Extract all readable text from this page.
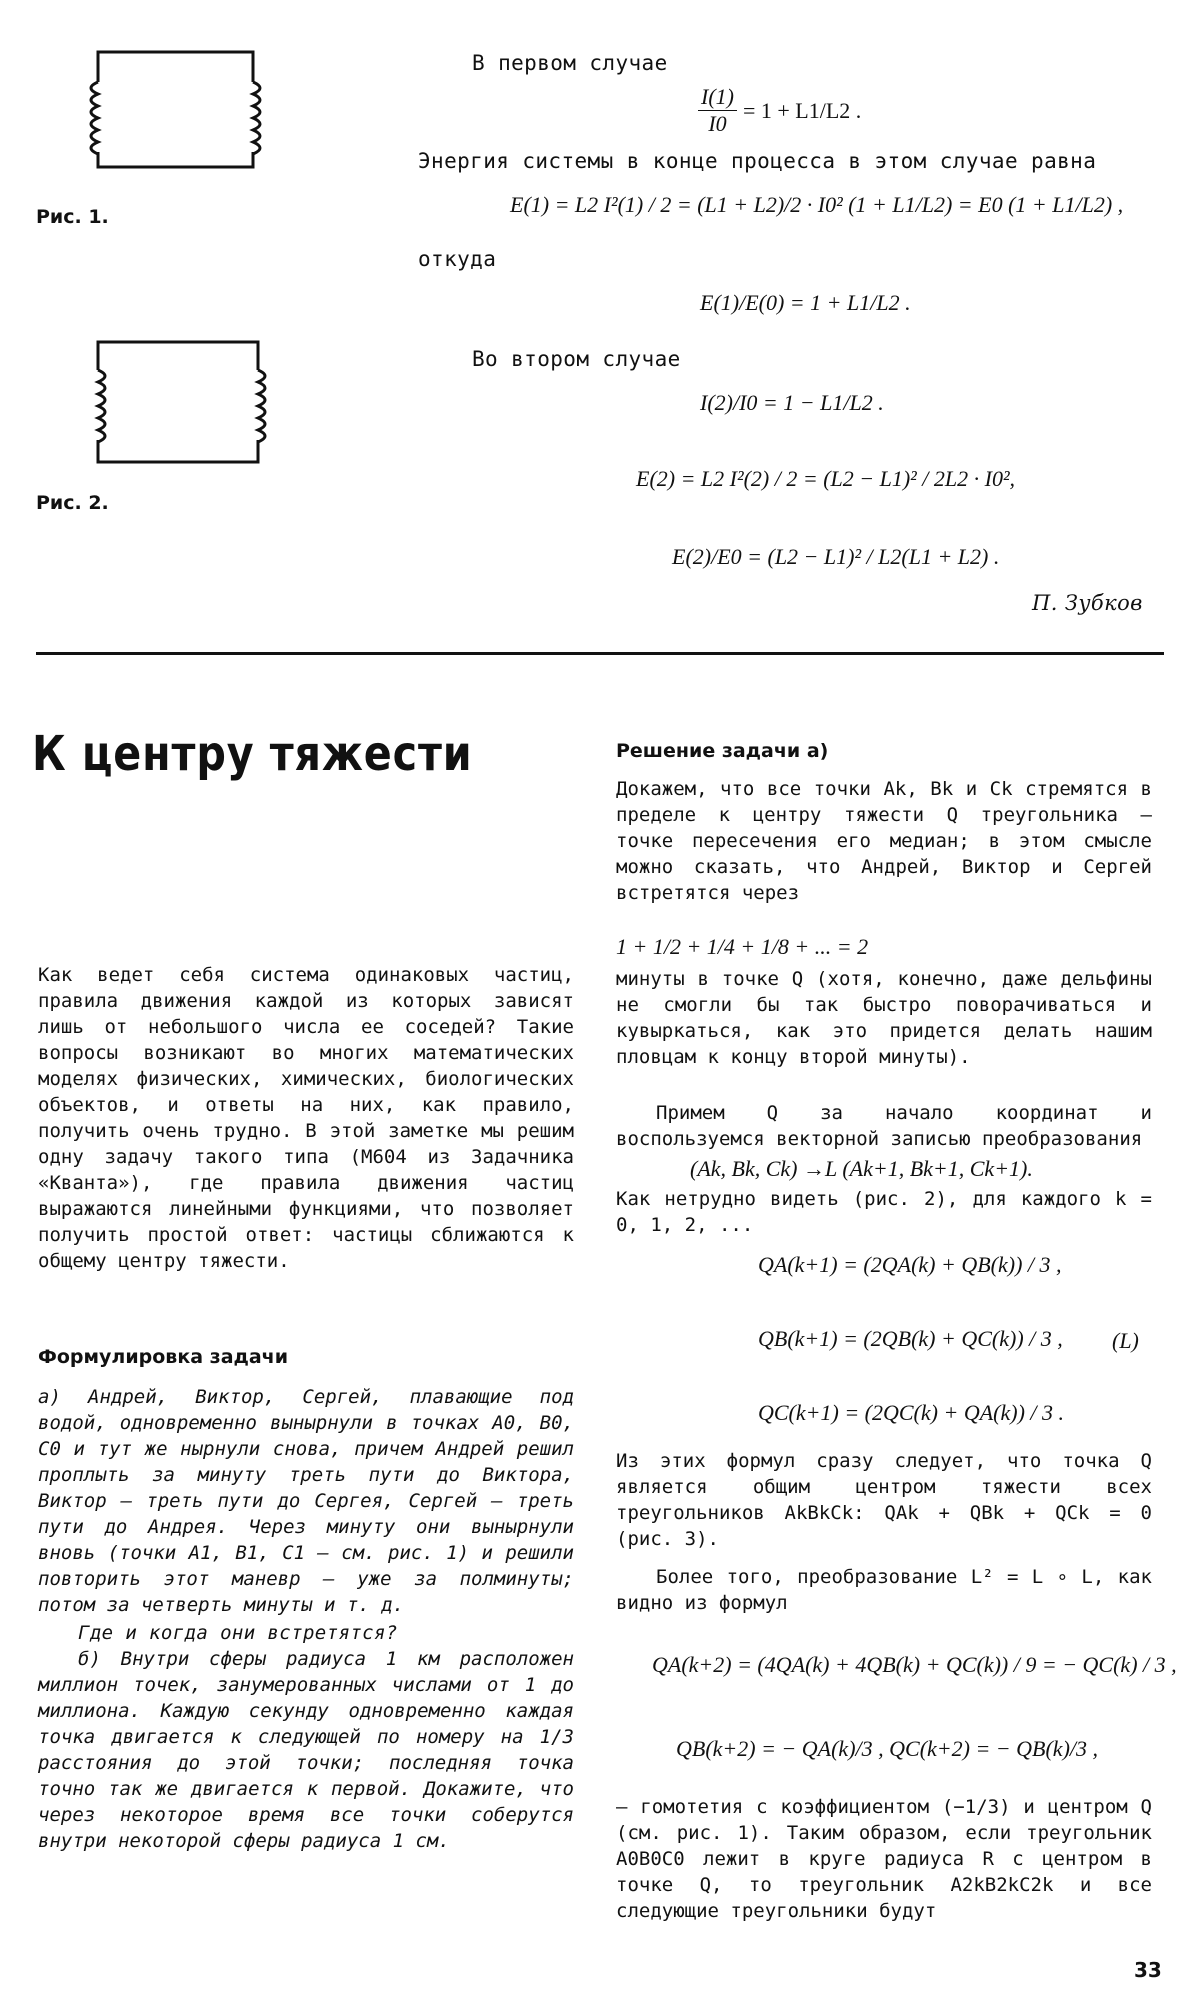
Рис. 1.
Рис. 2.
В первом случае
$\frac{I(1)}{I0} = 1 + L1/L2$ .
Энергия системы в конце процесса в этом случае равна
E(1) = L2 I²(1) / 2 = (L1 + L2)/2 · I0² (1 + L1/L2) = E0 (1 + L1/L2) ,
откуда
E(1)/E(0) = 1 + L1/L2 .
Во втором случае
I(2)/I0 = 1 − L1/L2 .
E(2) = L2 I²(2) / 2 = (L2 − L1)² / 2L2 · I0²,
E(2)/E0 = (L2 − L1)² / L2(L1 + L2) .
П. Зубков
К центру тяжести
Как ведет себя система одинаковых частиц, правила движения каждой из которых зависят лишь от небольшого числа ее соседей? Такие вопросы возникают во многих математических моделях физических, химических, биологических объектов, и ответы на них, как правило, получить очень трудно. В этой заметке мы решим одну задачу такого типа (М604 из Задачника «Кванта»), где правила движения частиц выражаются линейными функциями, что позволяет получить простой ответ: частицы сближаются к общему центру тяжести.
Формулировка задачи
а) Андрей, Виктор, Сергей, плавающие под водой, одновременно вынырнули в точках A0, B0, C0 и тут же нырнули снова, причем Андрей решил проплыть за минуту треть пути до Виктора, Виктор — треть пути до Сергея, Сергей — треть пути до Андрея. Через минуту они вынырнули вновь (точки A1, B1, C1 — см. рис. 1) и решили повторить этот маневр — уже за полминуты; потом за четверть минуты и т. д.
Где и когда они встретятся?
б) Внутри сферы радиуса 1 км расположен миллион точек, занумерованных числами от 1 до миллиона. Каждую секунду одновременно каждая точка двигается к следующей по номеру на 1/3 расстояния до этой точки; последняя точка точно так же двигается к первой. Докажите, что через некоторое время все точки соберутся внутри некоторой сферы радиуса 1 см.
Решение задачи а)
Докажем, что все точки Ak, Bk и Ck стремятся в пределе к центру тяжести Q треугольника — точке пересечения его медиан; в этом смысле можно сказать, что Андрей, Виктор и Сергей встретятся через
1 + 1/2 + 1/4 + 1/8 + ... = 2
минуты в точке Q (хотя, конечно, даже дельфины не смогли бы так быстро поворачиваться и кувыркаться, как это придется делать нашим пловцам к концу второй минуты).
Примем Q за начало координат и воспользуемся векторной записью преобразования
(Ak, Bk, Ck) →L (Ak+1, Bk+1, Ck+1).
Как нетрудно видеть (рис. 2), для каждого k = 0, 1, 2, ...
QA(k+1) = (2QA(k) + QB(k)) / 3 ,
QB(k+1) = (2QB(k) + QC(k)) / 3 ,
QC(k+1) = (2QC(k) + QA(k)) / 3 .
(L)
Из этих формул сразу следует, что точка Q является общим центром тяжести всех треугольников AkBkCk: QAk + QBk + QCk = 0 (рис. 3).
Более того, преобразование L² = L ∘ L, как видно из формул
QA(k+2) = (4QA(k) + 4QB(k) + QC(k)) / 9 = − QC(k) / 3 ,
QB(k+2) = − QA(k)/3 , QC(k+2) = − QB(k)/3 ,
— гомотетия с коэффициентом (−1/3) и центром Q (см. рис. 1). Таким образом, если треугольник A0B0C0 лежит в круге радиуса R с центром в точке Q, то треугольник A2kB2kC2k и все следующие треугольники будут
33
